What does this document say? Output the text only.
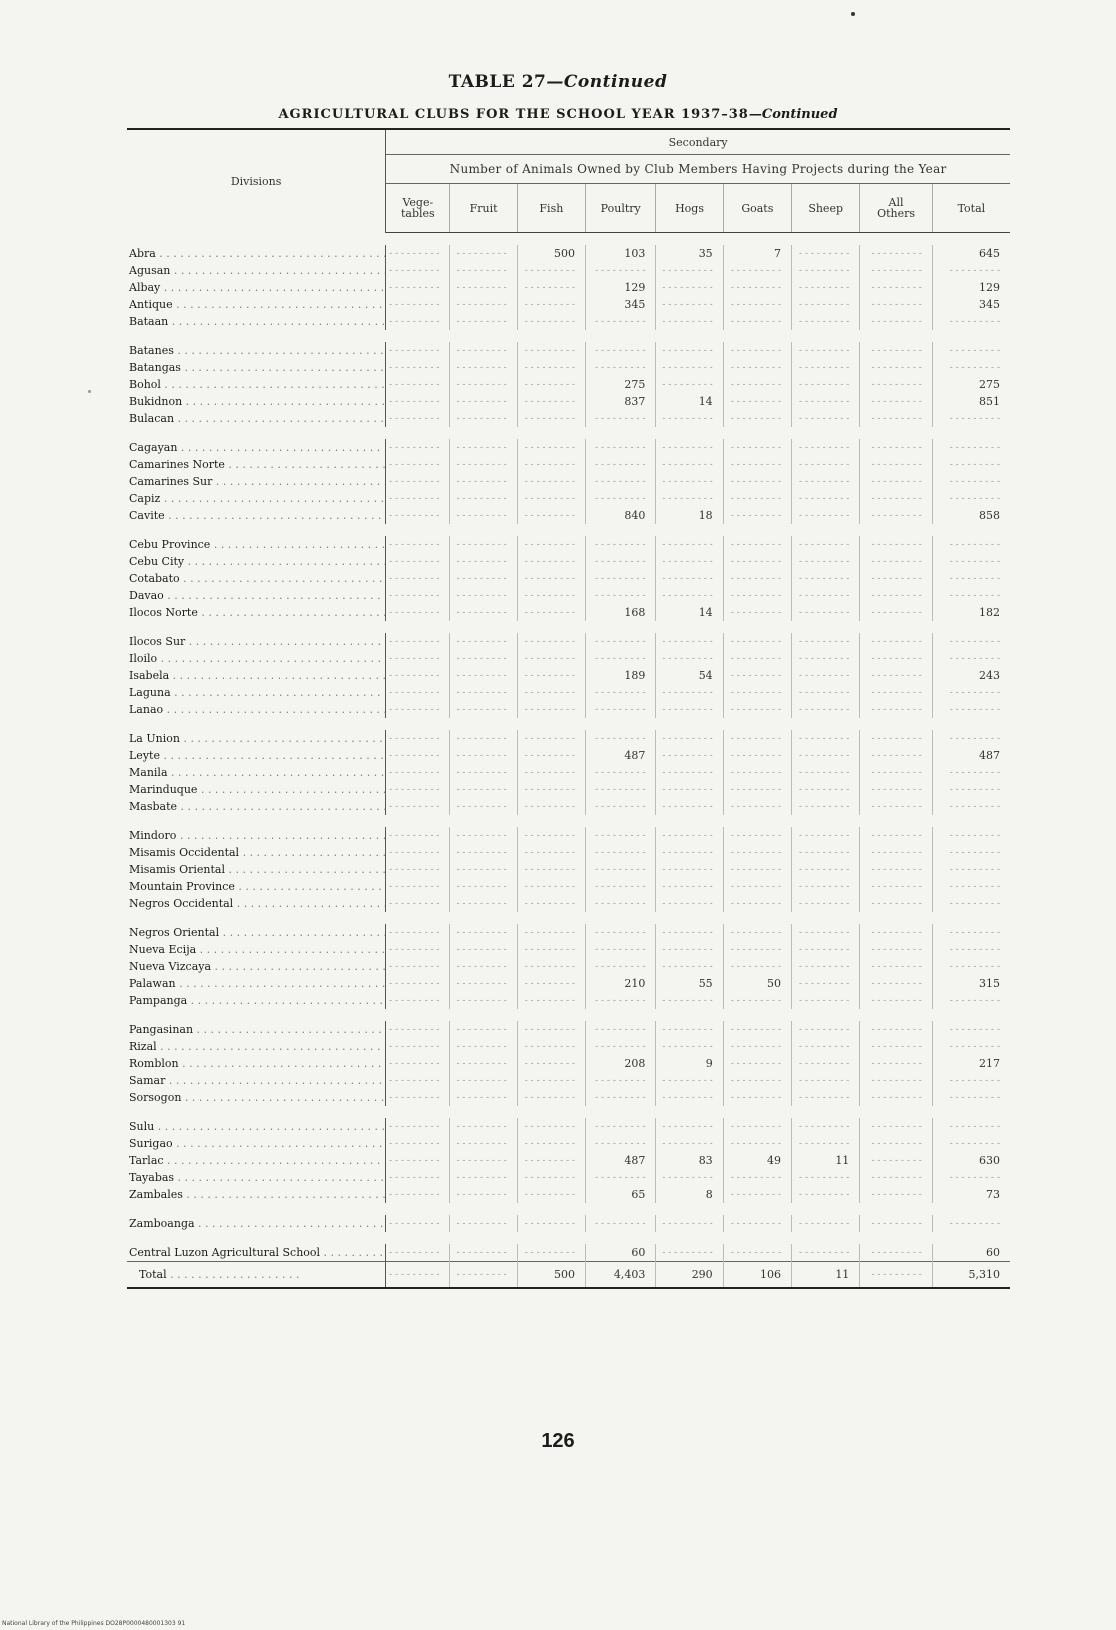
TABLE 27—Continued
AGRICULTURAL CLUBS FOR THE SCHOOL YEAR 1937–38—Continued
Divisions	Secondary								
	Number of Animals Owned by Club Members Having Projects during the Year								
	Vege-
tables	Fruit	Fish	Poultry	Hogs	Goats	Sheep	All
Others	Total

Abra . . .	- - -	- - -	500	103	35	7	- - -	- - -	645
Agusan . . .	- - -	- - -	- - -	- - -	- - -	- - -	- - -	- - -	- - -
Albay . . .	- - -	- - -	- - -	129	- - -	- - -	- - -	- - -	129
Antique . . .	- - -	- - -	- - -	345	- - -	- - -	- - -	- - -	345
Bataan . . .	- - -	- - -	- - -	- - -	- - -	- - -	- - -	- - -	- - -

Batanes . . .	- - -	- - -	- - -	- - -	- - -	- - -	- - -	- - -	- - -
Batangas . . .	- - -	- - -	- - -	- - -	- - -	- - -	- - -	- - -	- - -
Bohol . . .	- - -	- - -	- - -	275	- - -	- - -	- - -	- - -	275
Bukidnon . . .	- - -	- - -	- - -	837	14	- - -	- - -	- - -	851
Bulacan . . .	- - -	- - -	- - -	- - -	- - -	- - -	- - -	- - -	- - -

Cagayan . . .	- - -	- - -	- - -	- - -	- - -	- - -	- - -	- - -	- - -
Camarines Norte . . .	- - -	- - -	- - -	- - -	- - -	- - -	- - -	- - -	- - -
Camarines Sur . . .	- - -	- - -	- - -	- - -	- - -	- - -	- - -	- - -	- - -
Capiz . . .	- - -	- - -	- - -	- - -	- - -	- - -	- - -	- - -	- - -
Cavite . . .	- - -	- - -	- - -	840	18	- - -	- - -	- - -	858

Cebu Province . . .	- - -	- - -	- - -	- - -	- - -	- - -	- - -	- - -	- - -
Cebu City . . .	- - -	- - -	- - -	- - -	- - -	- - -	- - -	- - -	- - -
Cotabato . . .	- - -	- - -	- - -	- - -	- - -	- - -	- - -	- - -	- - -
Davao . . .	- - -	- - -	- - -	- - -	- - -	- - -	- - -	- - -	- - -
Ilocos Norte . . .	- - -	- - -	- - -	168	14	- - -	- - -	- - -	182

Ilocos Sur . . .	- - -	- - -	- - -	- - -	- - -	- - -	- - -	- - -	- - -
Iloilo . . .	- - -	- - -	- - -	- - -	- - -	- - -	- - -	- - -	- - -
Isabela . . .	- - -	- - -	- - -	189	54	- - -	- - -	- - -	243
Laguna . . .	- - -	- - -	- - -	- - -	- - -	- - -	- - -	- - -	- - -
Lanao . . .	- - -	- - -	- - -	- - -	- - -	- - -	- - -	- - -	- - -

La Union . . .	- - -	- - -	- - -	- - -	- - -	- - -	- - -	- - -	- - -
Leyte . . .	- - -	- - -	- - -	487	- - -	- - -	- - -	- - -	487
Manila . . .	- - -	- - -	- - -	- - -	- - -	- - -	- - -	- - -	- - -
Marinduque . . .	- - -	- - -	- - -	- - -	- - -	- - -	- - -	- - -	- - -
Masbate . . .	- - -	- - -	- - -	- - -	- - -	- - -	- - -	- - -	- - -

Mindoro . . .	- - -	- - -	- - -	- - -	- - -	- - -	- - -	- - -	- - -
Misamis Occidental . . .	- - -	- - -	- - -	- - -	- - -	- - -	- - -	- - -	- - -
Misamis Oriental . . .	- - -	- - -	- - -	- - -	- - -	- - -	- - -	- - -	- - -
Mountain Province . . .	- - -	- - -	- - -	- - -	- - -	- - -	- - -	- - -	- - -
Negros Occidental . . .	- - -	- - -	- - -	- - -	- - -	- - -	- - -	- - -	- - -

Negros Oriental . . .	- - -	- - -	- - -	- - -	- - -	- - -	- - -	- - -	- - -
Nueva Ecija . . .	- - -	- - -	- - -	- - -	- - -	- - -	- - -	- - -	- - -
Nueva Vizcaya . . .	- - -	- - -	- - -	- - -	- - -	- - -	- - -	- - -	- - -
Palawan . . .	- - -	- - -	- - -	210	55	50	- - -	- - -	315
Pampanga . . .	- - -	- - -	- - -	- - -	- - -	- - -	- - -	- - -	- - -

Pangasinan . . .	- - -	- - -	- - -	- - -	- - -	- - -	- - -	- - -	- - -
Rizal . . .	- - -	- - -	- - -	- - -	- - -	- - -	- - -	- - -	- - -
Romblon . . .	- - -	- - -	- - -	208	9	- - -	- - -	- - -	217
Samar . . .	- - -	- - -	- - -	- - -	- - -	- - -	- - -	- - -	- - -
Sorsogon . . .	- - -	- - -	- - -	- - -	- - -	- - -	- - -	- - -	- - -

Sulu . . .	- - -	- - -	- - -	- - -	- - -	- - -	- - -	- - -	- - -
Surigao . . .	- - -	- - -	- - -	- - -	- - -	- - -	- - -	- - -	- - -
Tarlac . . .	- - -	- - -	- - -	487	83	49	11	- - -	630
Tayabas . . .	- - -	- - -	- - -	- - -	- - -	- - -	- - -	- - -	- - -
Zambales . . .	- - -	- - -	- - -	65	8	- - -	- - -	- - -	73

Zamboanga . . .	- - -	- - -	- - -	- - -	- - -	- - -	- - -	- - -	- - -

Central Luzon Agricultural School . . .	- - -	- - -	- - -	60	- - -	- - -	- - -	- - -	60
Total . . .	- - -	- - -	500	4,403	290	106	11	- - -	5,310
126
National Library of the Philippines DO28P0000480001303 91
